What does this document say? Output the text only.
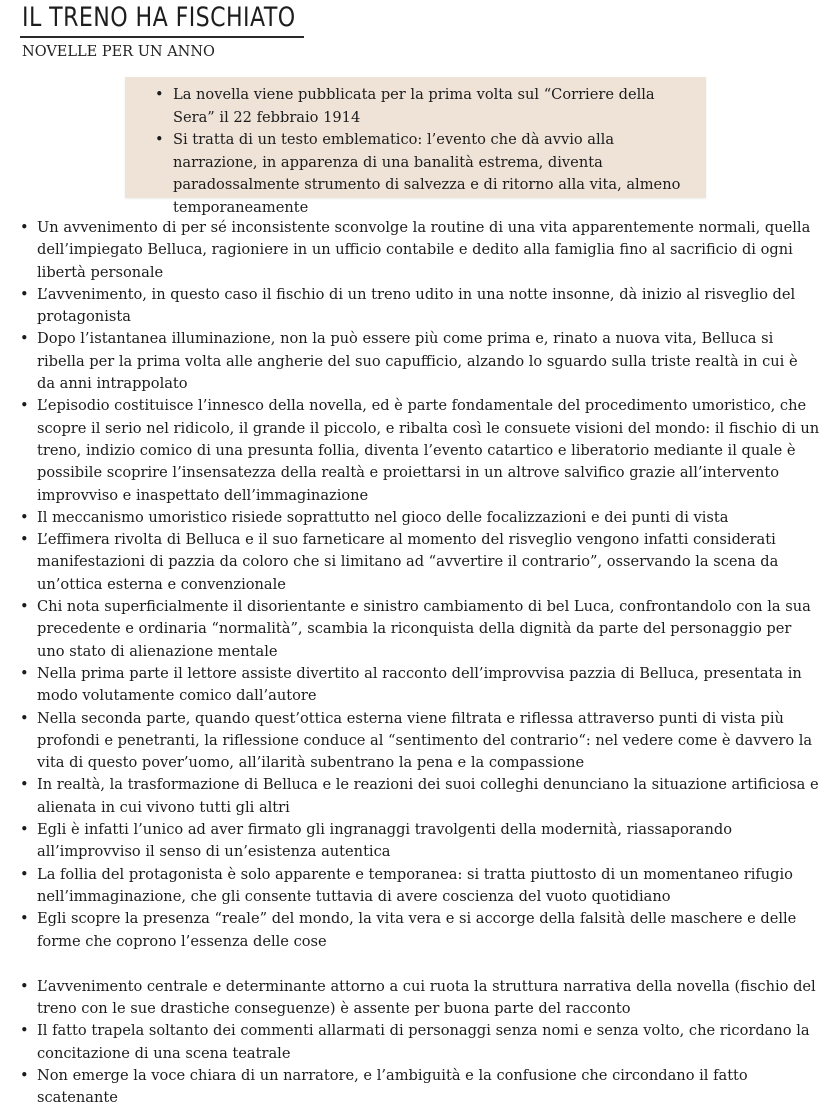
IL TRENO HA FISCHIATO
NOVELLE PER UN ANNO
• La novella viene pubblicata per la prima volta sul “Corriere della Sera” il 22 febbraio 1914
• Si tratta di un testo emblematico: l’evento che dà avvio alla narrazione, in apparenza di una banalità estrema, diventa paradossalmente strumento di salvezza e di ritorno alla vita, almeno temporaneamente
• Un avvenimento di per sé inconsistente sconvolge la routine di una vita apparentemente normali, quella dell’impiegato Belluca, ragioniere in un ufficio contabile e dedito alla famiglia fino al sacrificio di ogni libertà personale
• L’avvenimento, in questo caso il fischio di un treno udito in una notte insonne, dà inizio al risveglio del protagonista
• Dopo l’istantanea illuminazione, non la può essere più come prima e, rinato a nuova vita, Belluca si ribella per la prima volta alle angherie del suo capufficio, alzando lo sguardo sulla triste realtà in cui è da anni intrappolato
• L’episodio costituisce l’innesco della novella, ed è parte fondamentale del procedimento umoristico, che scopre il serio nel ridicolo, il grande il piccolo, e ribalta così le consuete visioni del mondo: il fischio di un treno, indizio comico di una presunta follia, diventa l’evento catartico e liberatorio mediante il quale è possibile scoprire l’insensatezza della realtà e proiettarsi in un altrove salvifico grazie all’intervento improvviso e inaspettato dell’immaginazione
• Il meccanismo umoristico risiede soprattutto nel gioco delle focalizzazioni e dei punti di vista
• L’effimera rivolta di Belluca e il suo farneticare al momento del risveglio vengono infatti considerati manifestazioni di pazzia da coloro che si limitano ad “avvertire il contrario”, osservando la scena da un’ottica esterna e convenzionale
• Chi nota superficialmente il disorientante e sinistro cambiamento di bel Luca, confrontandolo con la sua precedente e ordinaria “normalità”, scambia la riconquista della dignità da parte del personaggio per uno stato di alienazione mentale
• Nella prima parte il lettore assiste divertito al racconto dell’improvvisa pazzia di Belluca, presentata in modo volutamente comico dall’autore
• Nella seconda parte, quando quest’ottica esterna viene filtrata e riflessa attraverso punti di vista più profondi e penetranti, la riflessione conduce al “sentimento del contrario“: nel vedere come è davvero la vita di questo pover’uomo, all’ilarità subentrano la pena e la compassione
• In realtà, la trasformazione di Belluca e le reazioni dei suoi colleghi denunciano la situazione artificiosa e alienata in cui vivono tutti gli altri
• Egli è infatti l’unico ad aver firmato gli ingranaggi travolgenti della modernità, riassaporando all’improvviso il senso di un’esistenza autentica
• La follia del protagonista è solo apparente e temporanea: si tratta piuttosto di un momentaneo rifugio nell’immaginazione, che gli consente tuttavia di avere coscienza del vuoto quotidiano
• Egli scopre la presenza “reale” del mondo, la vita vera e si accorge della falsità delle maschere e delle forme che coprono l’essenza delle cose
• L’avvenimento centrale e determinante attorno a cui ruota la struttura narrativa della novella (fischio del treno con le sue drastiche conseguenze) è assente per buona parte del racconto
• Il fatto trapela soltanto dei commenti allarmati di personaggi senza nomi e senza volto, che ricordano la concitazione di una scena teatrale
• Non emerge la voce chiara di un narratore, e l’ambiguità e la confusione che circondano il fatto scatenante
